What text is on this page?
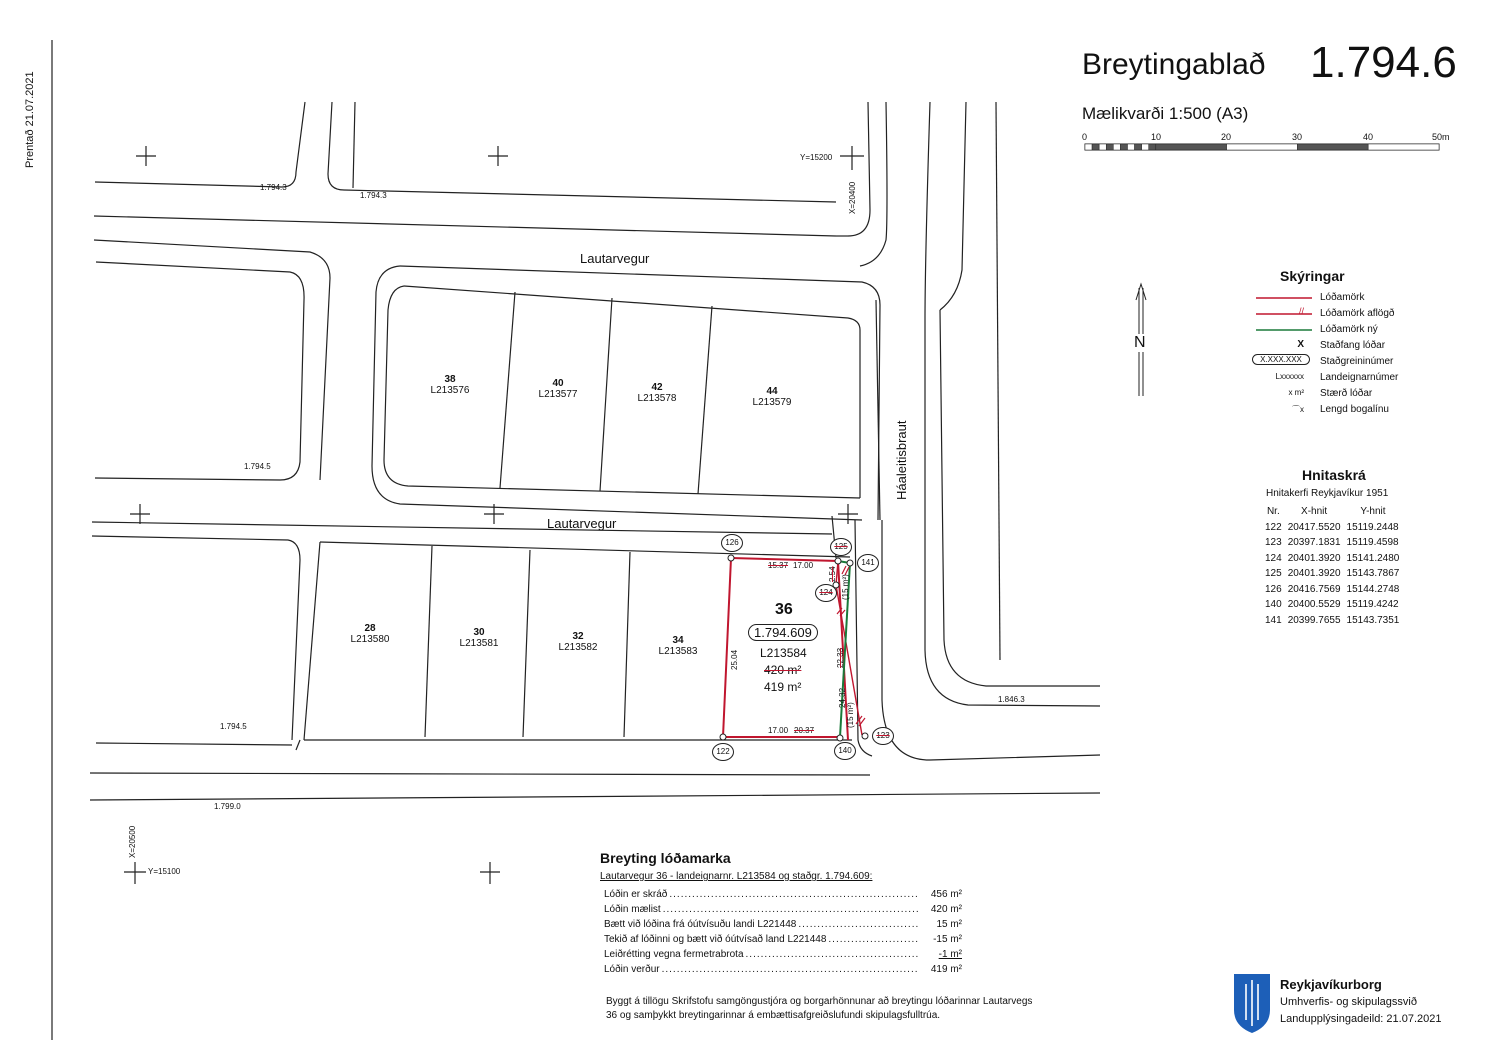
Prentað 21.07.2021
Breytingablað 1.794.6
Mælikvarði 1:500 (A3)
0	10	20	30	40	50m
Lautarvegur
Lautarvegur
Háaleitisbraut
1.794.3
1.794.3
1.794.5
1.794.5
1.799.0
1.846.3
Y=15200
X=20400
X=20500
Y=15100
38
L213576
40
L213577
42
L213578
44
L213579
28
L213580
30
L213581
32
L213582
34
L213583
36
1.794.609
L213584
420 m²
419 m²
126	125
141
124
122	140
123
15.37 17.00
17.00 20.37
25.04
24.32
2.54
22.33
(15 m²)
(15 m²)
Skýringar
//
X
X.XXX.XXX
Lxxxxxx
x m²
⌒x
Lóðamörk
Lóðamörk aflögð
Lóðamörk ný
Staðfang lóðar
Staðgreininúmer
Landeignarnúmer
Stærð lóðar
Lengd bogalínu
N
Hnitaskrá
Hnitakerfi Reykjavíkur 1951
Nr.	X-hnit	Y-hnit
122	20417.5520	15119.2448
123	20397.1831	15119.4598
124	20401.3920	15141.2480
125	20401.3920	15143.7867
126	20416.7569	15144.2748
140	20400.5529	15119.4242
141	20399.7655	15143.7351
Breyting lóðamarka
Lautarvegur 36 - landeignarnr. L213584 og staðgr. 1.794.609:
Lóðin er skráð .....	456 m²
Lóðin mælist .....	420 m²
Bætt við lóðina frá óútvísuðu landi L221448 .....	15 m²
Tekið af lóðinni og bætt við óútvísað land L221448 .....	-15 m²
Leiðrétting vegna fermetrabrota .....	-1 m²
Lóðin verður .....	419 m²
Byggt á tillögu Skrifstofu samgöngustjóra og borgarhönnunar að breytingu lóðarinnar Lautarvegs 36 og samþykkt breytingarinnar á embættisafgreiðslufundi skipulagsfulltrúa.
Reykjavíkurborg
Umhverfis- og skipulagssvið
Landupplýsingadeild: 21.07.2021
